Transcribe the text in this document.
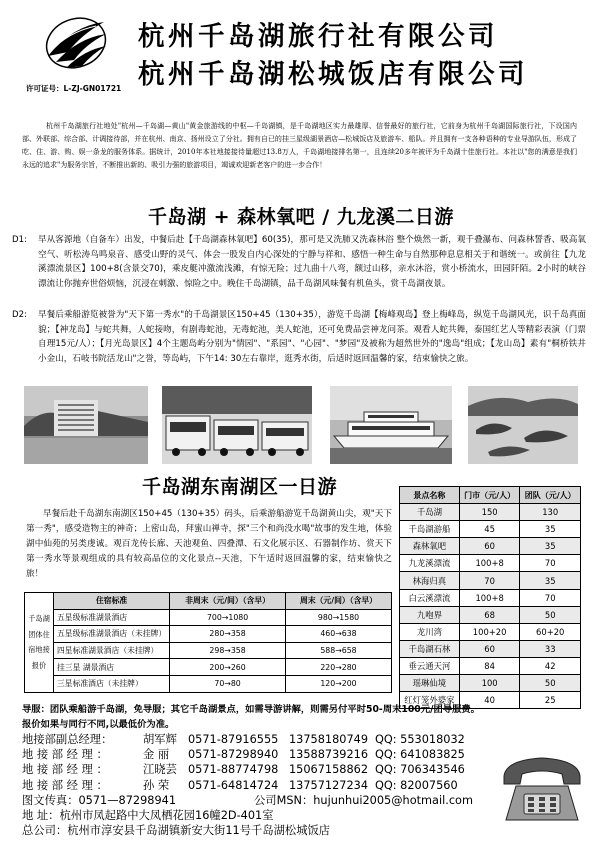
许可证号：L-ZJ-GN01721
杭州千岛湖旅行社有限公司
杭州千岛湖松城饭店有限公司

杭州千岛湖旅行社地处"杭州—千岛湖—黄山"黄金旅游线的中枢—千岛湖镇，是千岛湖地区实力最雄厚、信誉最好的旅行社，它前身为杭州千岛湖国际旅行社，下设国内部、外联部、综合部、计调接待部，并在杭州、南京、扬州设立了分社。拥有自已的挂三星级湖景酒店—松城饭店及旅游车、船队。并且拥有一支各种语种的专业导游队伍，形成了吃、住、游、购、娱一条龙的服务体系。据统计，2010年本社地接接待量超过13.8万人，千岛湖地接排名第一，且连续20多年被评为千岛湖十佳旅行社。本社以"您的满意是我们永远的追求"为服务宗旨，不断推出新的、吸引力强的旅游项目，竭诚欢迎新老客户的进一步合作！

千岛湖 + 森林氧吧 / 九龙溪二日游
D1: 早从客源地（自备车）出发，中餐后赴【千岛湖森林氧吧】60(35)，那可是又洗肺又洗森林浴 整个焕然一新，观千叠瀑布、问森林誓香、吸高氧空气、听松涛鸟鸣泉音、感受山野的灵气、体会一股发自内心深处的宁静与祥和、感悟一种生命与自然那种息息相关于和谐统一。或前往【九龙溪漂流景区】100+8(含景交70)，乘皮艇冲激流浅滩，有惊无险；过九曲十八弯，额过山移，亲水沐浴，赏小桥流水，田园阡陌。2小时的峡谷漂流让你抛弃世俗烦恼，沉浸在刺激、惊险之中。晚住千岛湖镇，品千岛湖风味餐有机鱼头，赏千岛湖夜景。
D2: 早餐后乘船游览被誉为"天下第一秀水"的千岛湖景区150+45（130+35），游览千岛湖【梅峰观岛】登上梅峰岛，纵览千岛湖风光，识千岛真面貌；【神龙岛】与蛇共舞，人蛇接吻，有剧毒蛇池，无毒蛇池，美人蛇池，还可免费品尝神龙问茶。观看人蛇共舞，泰国红艺人等精彩表演（门票自理15元/人）；【月光岛景区】4个主题岛屿分别为"情园"、"系园"、"心园"、"梦园"及被称为超然世外的"逸岛"组成；【龙山岛】素有"桐桥铁井小金山，石岐书院活龙山"之誉，等岛屿，下午14: 30左右靠岸，逛秀水街，后适时返回温馨的家，结束愉快之旅。
千岛湖东南湖区一日游

早餐后赴千岛湖东南湖区150+45（130+35）码头，后乘游船游览千岛湖黄山尖，观"天下第一秀"，感受造物主的神奇；上密山岛，拜蜜山禅寺，探"三个和尚没水喝"故事的发生地，体验湖中仙苑的另类虔诚。观百龙传长廊、天池观鱼、四叠潭、石文化展示区、石器制作坊、赏天下第一秀水等景观组成的具有较高品位的文化景点--天池，下午适时返回温馨的家，结束愉快之旅！

景点名称	门市（元/人）	团队（元/人）
千岛湖	150	130
千岛湖游船	45	35
森林氧吧	60	35
九龙溪漂流	100+8	70
林海归真	70	35
白云溪漂流	100+8	70
九咆界	68	50
龙川湾	100+20	60+20
千岛湖石林	60	33
垂云通天河	84	42
瑶琳仙境	100	50
红灯笼外婆家	40	25
千岛湖团体住宿地接报价	住宿标准	非周末（元/间）（含早）	周末（元/间）（含早）
	五星级标准湖景酒店	700→1080	980→1580
	五星级标准湖景酒店（未挂牌）	280→358	460→638
	四星标准湖景酒店（未挂牌）	298→358	588→658
	挂三星 湖景酒店	200→260	220→280
	三星标准酒店（未挂牌）	70→80	120→200
导服：团队乘船游千岛湖，免导服；其它千岛湖景点，如需导游讲解，则需另付平时50-周末100元/团导服费。
报价如果与同行不同,以最低价为准。
地接部副总经理：	胡军辉 0571-87916555 13758180749 QQ: 553018032
地 接 部 经 理 ：	金 丽 0571-87298940 13588739216 QQ: 641083825
地 接 部 经 理 ：	江晓芸 0571-88774798 15067158862 QQ: 706343546
地 接 部 经 理 ：	孙 荣 0571-64814724 13757127234 QQ: 82007560
图文传真：0571—87298941	公司MSN：hujunhui2005@hotmail.com
地 址：杭州市凤起路中大凤栖花园16幢2D-401室
总公司：杭州市淳安县千岛湖镇新安大街11号千岛湖松城饭店
